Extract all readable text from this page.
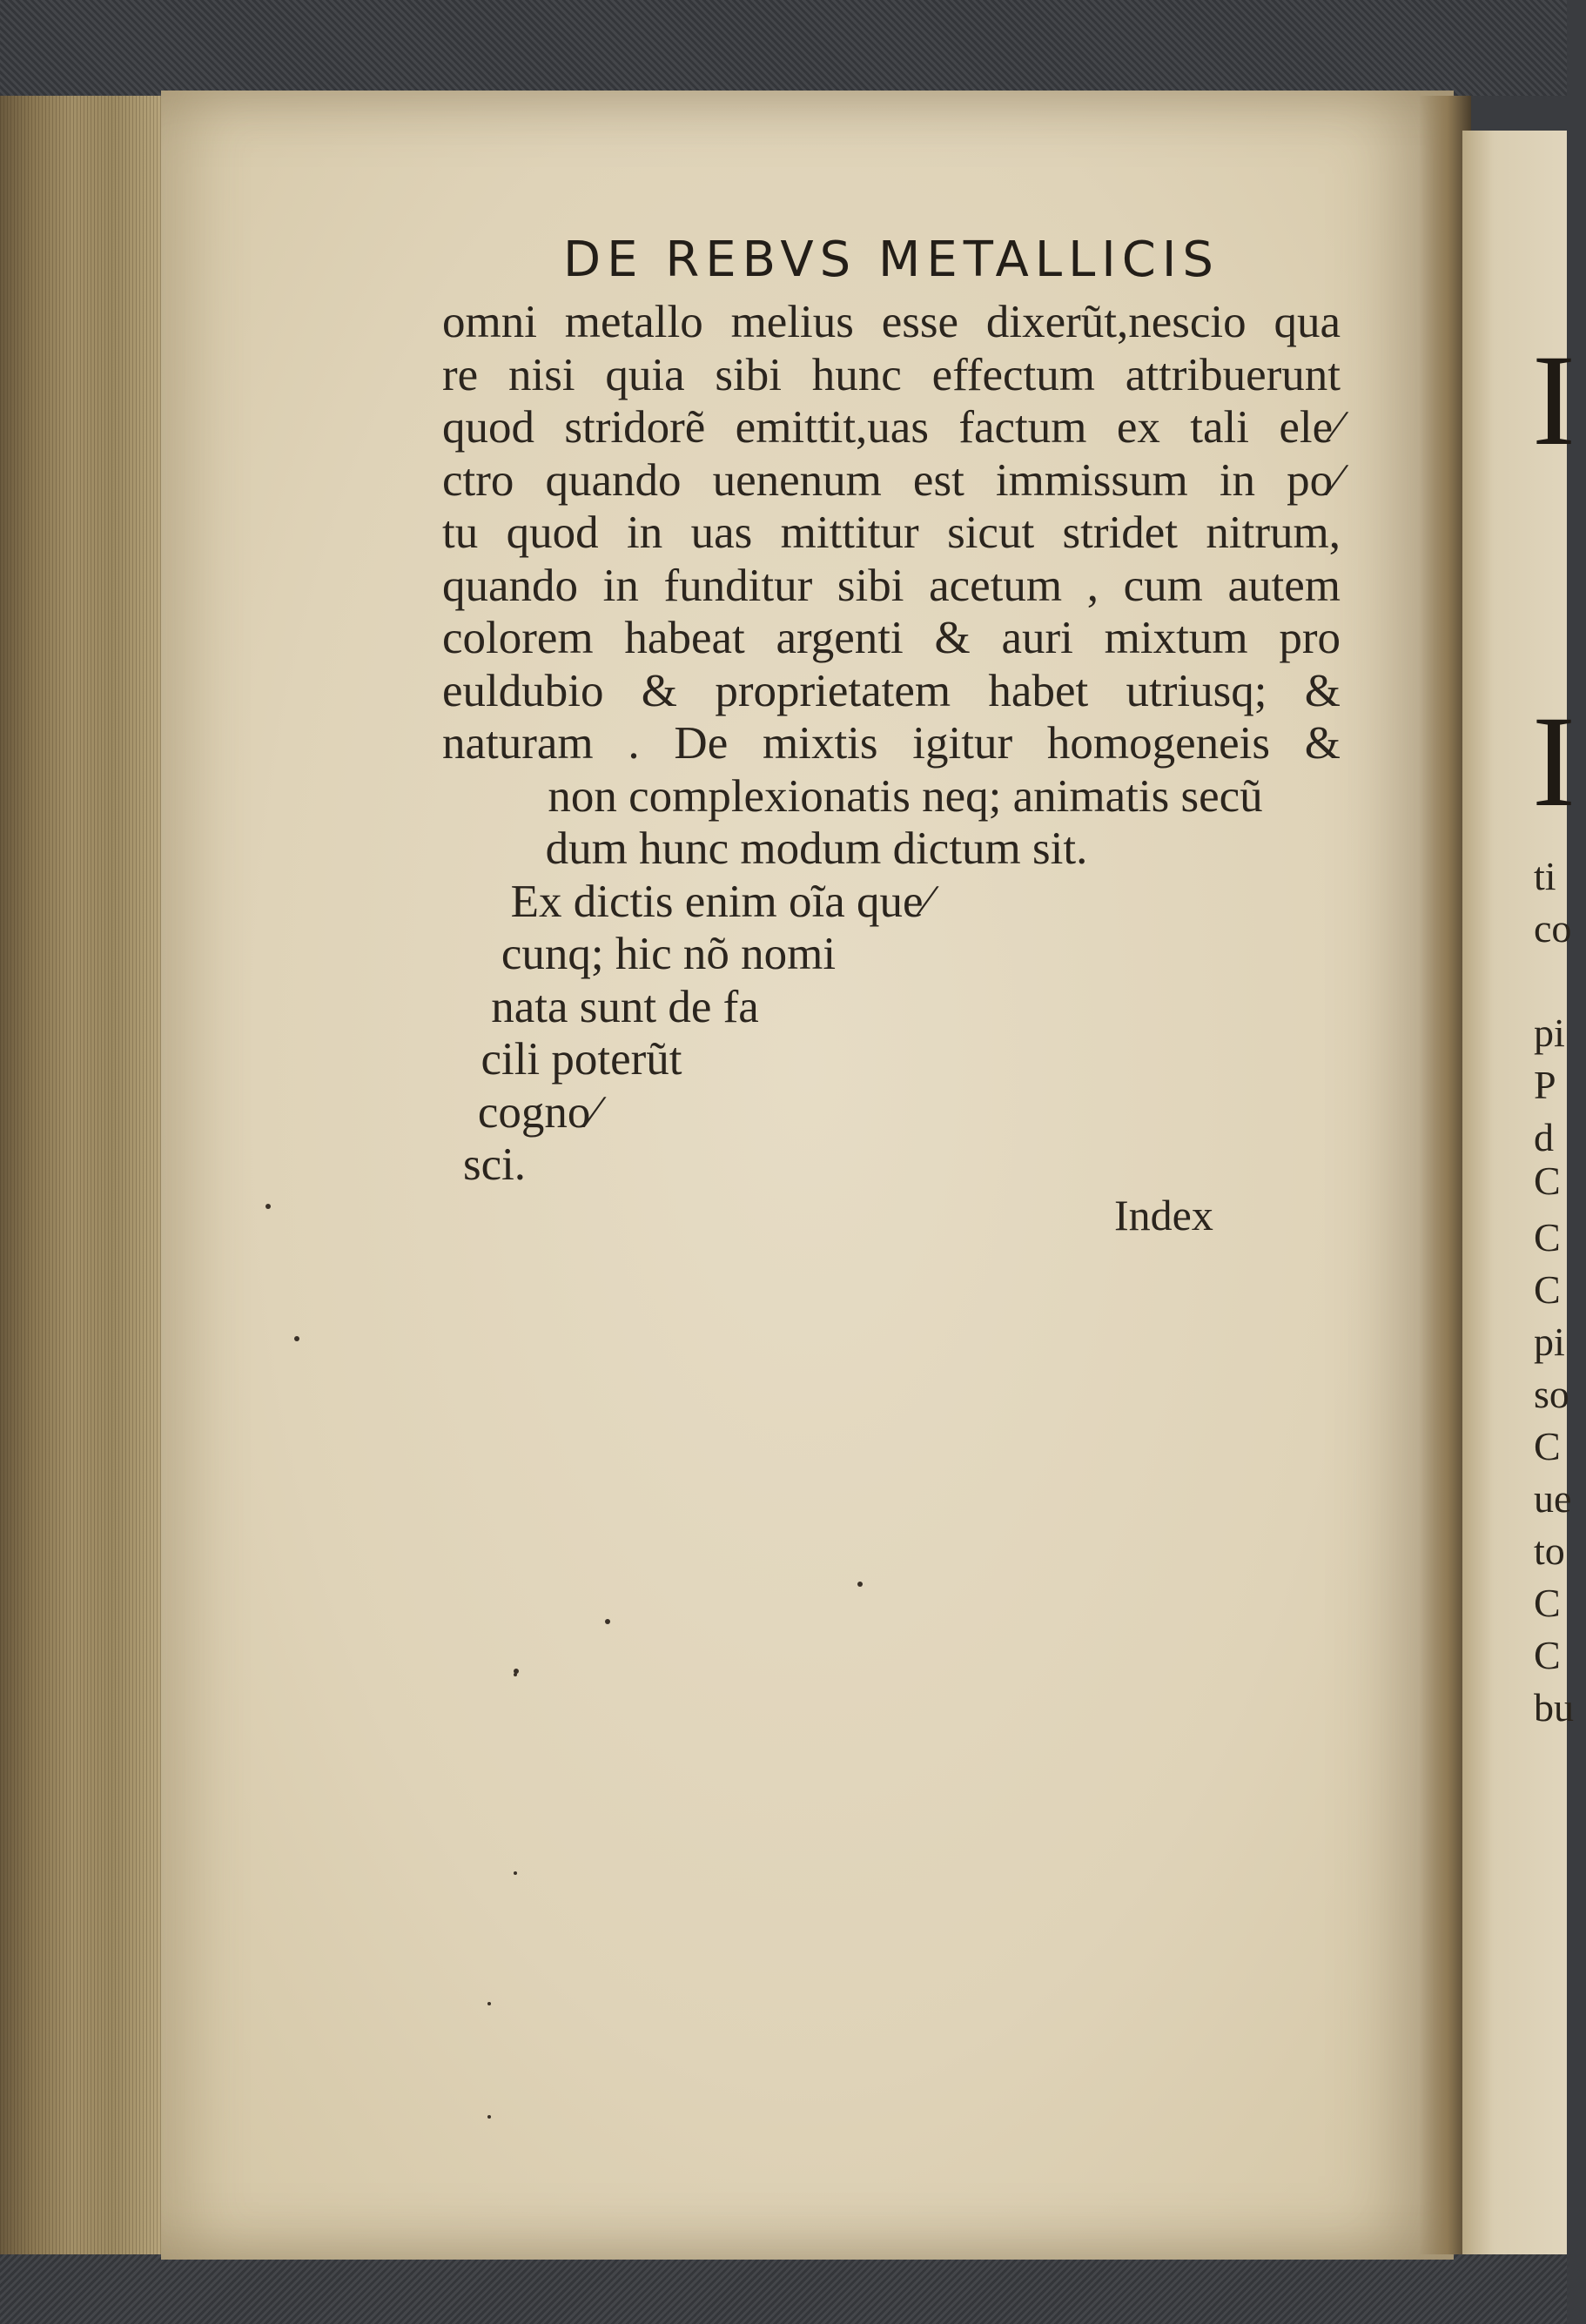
I
I
ti
co
pi
P
d
C
C
C
pi
so
C
ue
to
C
C
bu
DE REBVS METALLICIS
omni metallo melius esse dixerũt,nescio qua
re nisi quia sibi hunc effectum attribuerunt
quod stridorẽ emittit,uas factum ex tali ele⁄
ctro quando uenenum est immissum in po⁄
tu quod in uas mittitur sicut stridet nitrum,
quando in funditur sibi acetum , cum autem
colorem habeat argenti & auri mixtum pro
euldubio & proprietatem habet utriusq; &
naturam . De mixtis igitur homogeneis &
non complexionatis neq; animatis secũ
dum hunc modum dictum sit.
Ex dictis enim oĩa que⁄
cunq; hic nõ nomi
nata sunt de fa
cili poterũt
cogno⁄
sci.
Index
